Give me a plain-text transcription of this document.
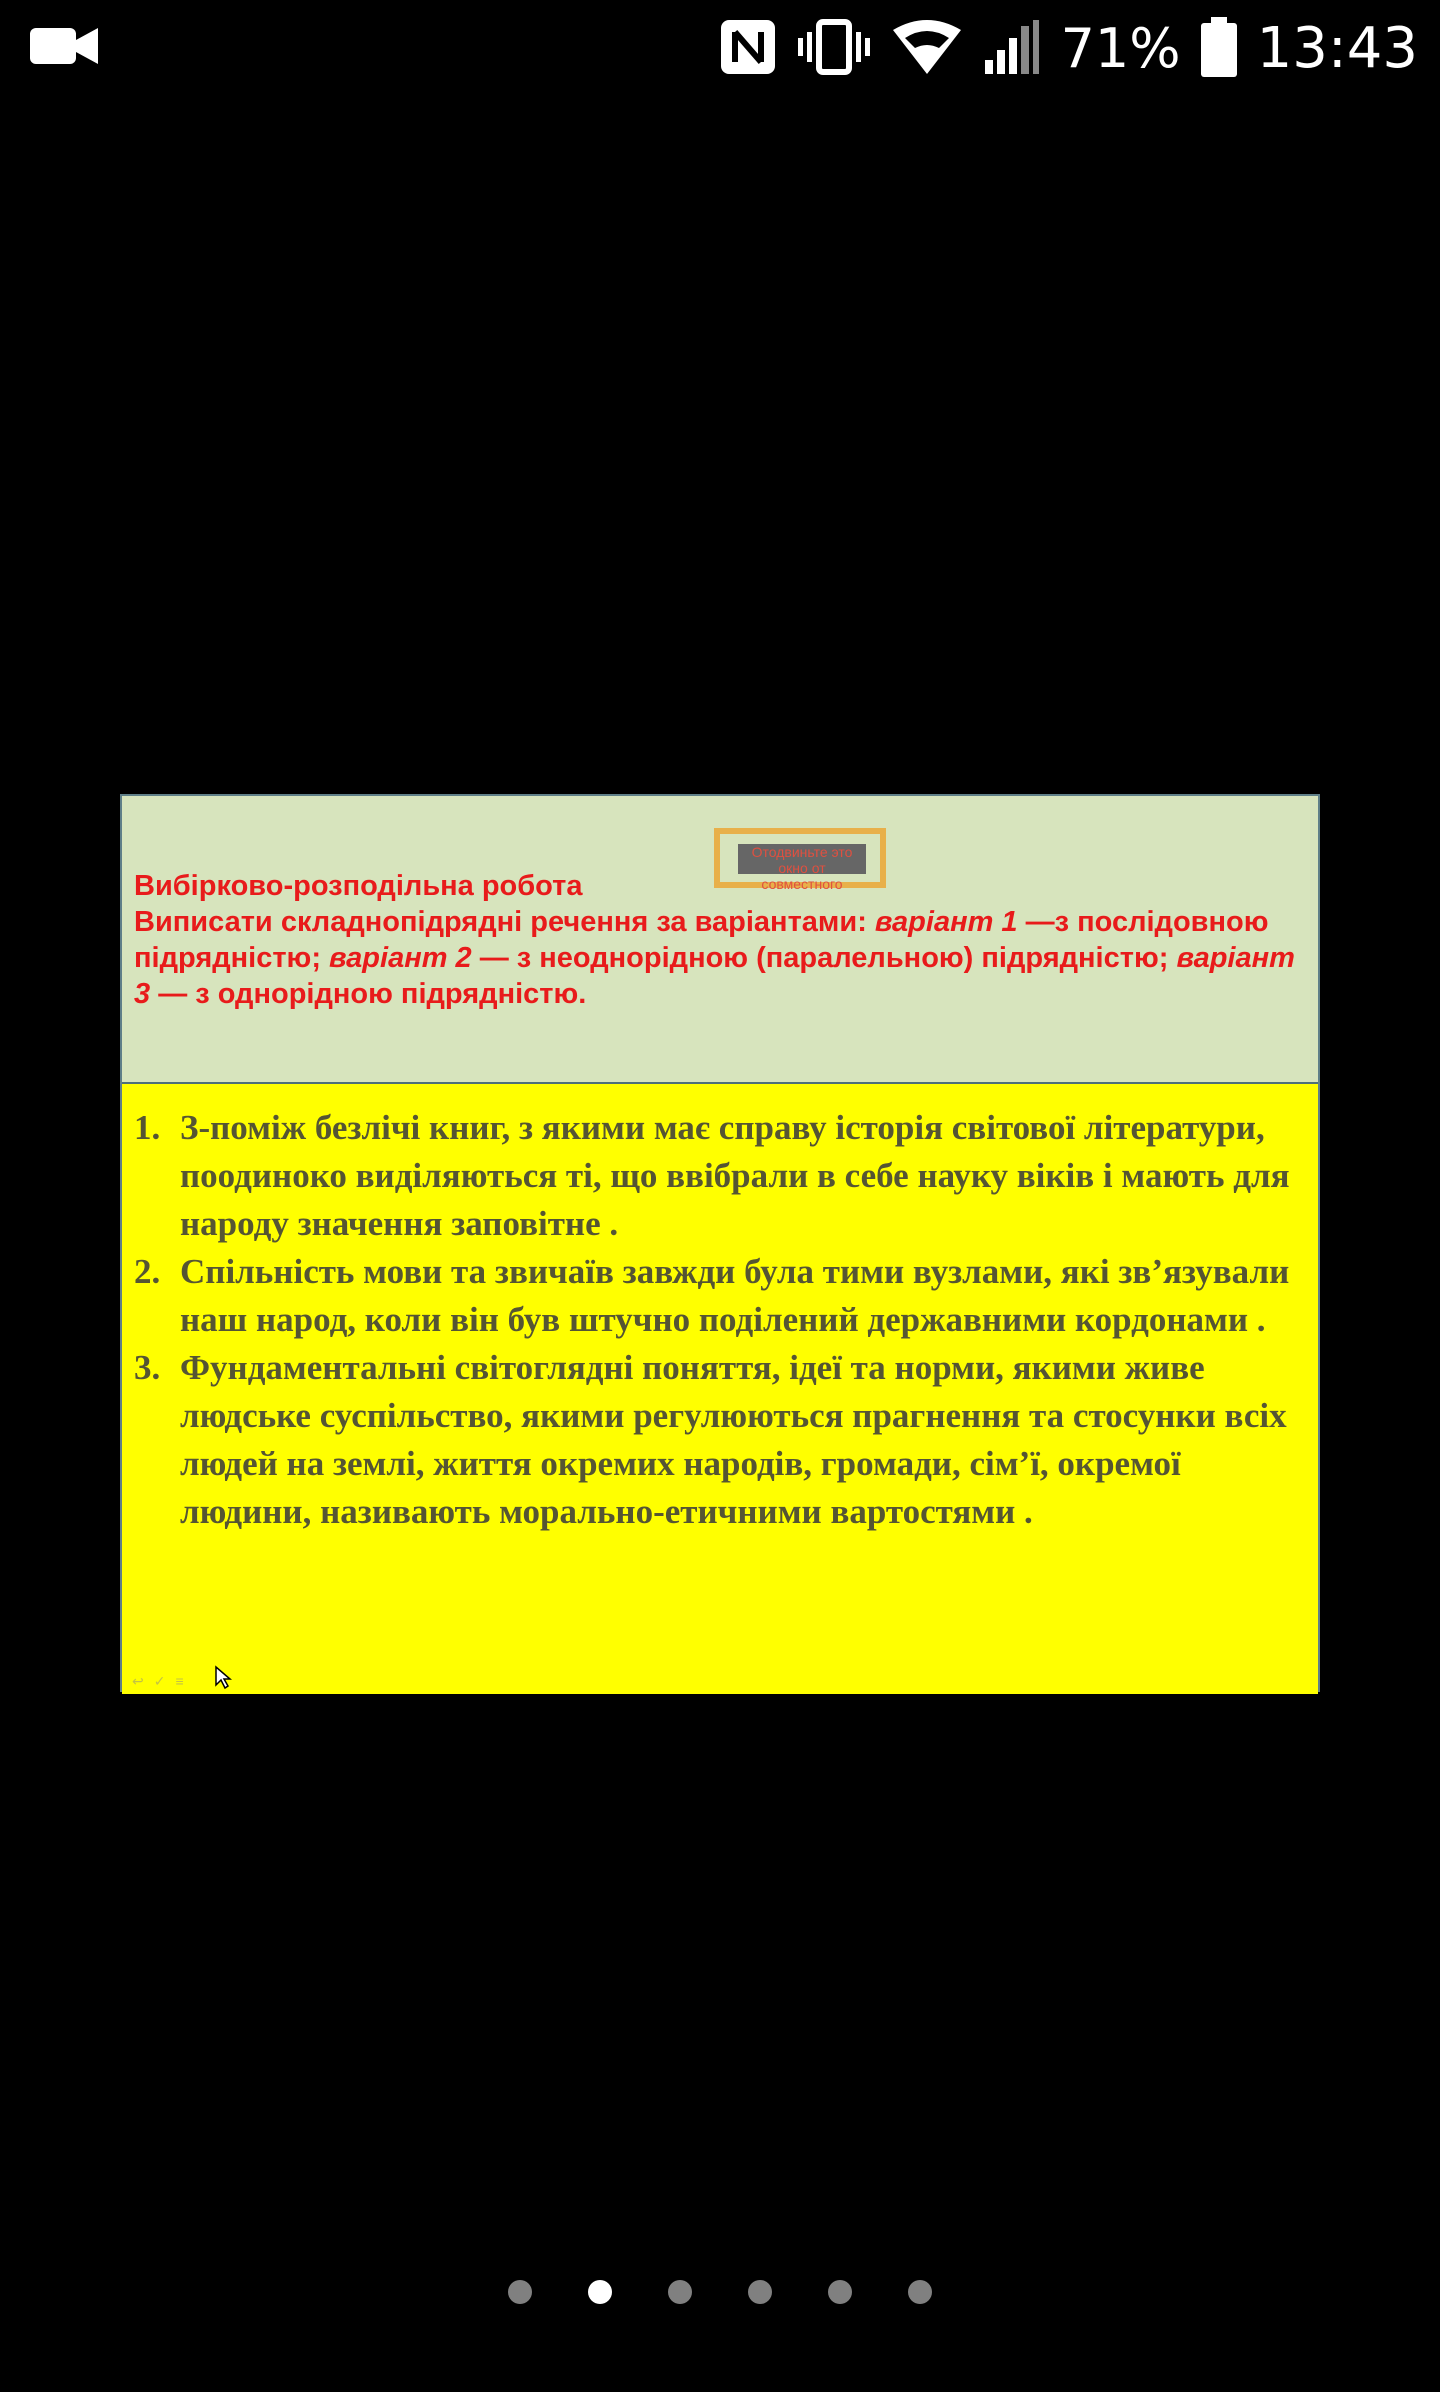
71% 13:43
Отодвиньте это окно от совместного
Вибірково-розподільна робота
Виписати складнопідрядні речення за варіантами: варіант 1 —з послідовною підрядністю; варіант 2 — з неоднорідною (паралельною) підрядністю; варіант 3 — з однорідною підрядністю.
1. З-поміж безлічі книг, з якими має справу історія світової літератури, поодиноко виділяються ті, що ввібрали в себе науку віків і мають для народу значення заповітне .
2. Спільність мови та звичаїв завжди була тими вузлами, які зв’язували наш народ, коли він був штучно поділений державними кордонами .
3. Фундаментальні світоглядні поняття, ідеї та норми, якими живе людське суспільство, якими регулюються прагнення та стосунки всіх людей на землі, життя окремих народів, громади, сім’ї, окремої людини, називають морально-етичними вартостями .
↩ ✓ ≡
